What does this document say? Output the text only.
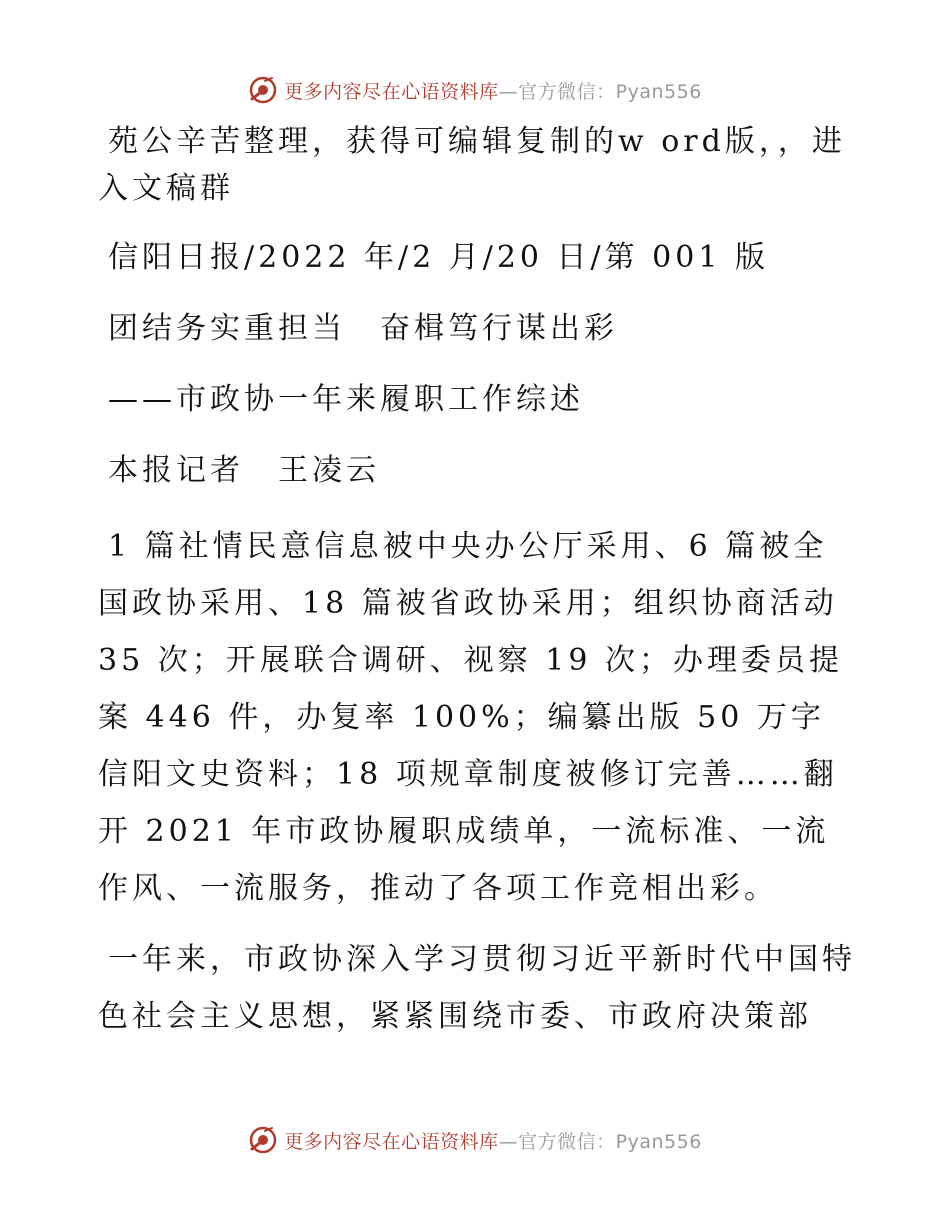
更多内容尽在心语资料库—官方微信：Pyan556

苑公辛苦整理，获得可编辑复制的w ord版，，进入文稿群

信阳日报/2022 年/2 月/20 日/第 001 版

团结务实重担当　奋楫笃行谋出彩

——市政协一年来履职工作综述

本报记者　王凌云

1 篇社情民意信息被中央办公厅采用、6 篇被全国政协采用、18 篇被省政协采用；组织协商活动 35 次；开展联合调研、视察 19 次；办理委员提案 446 件，办复率 100%；编纂出版 50 万字信阳文史资料；18 项规章制度被修订完善……翻开 2021 年市政协履职成绩单，一流标准、一流作风、一流服务，推动了各项工作竞相出彩。

一年来，市政协深入学习贯彻习近平新时代中国特色社会主义思想，紧紧围绕市委、市政府决策部

更多内容尽在心语资料库—官方微信：Pyan556
